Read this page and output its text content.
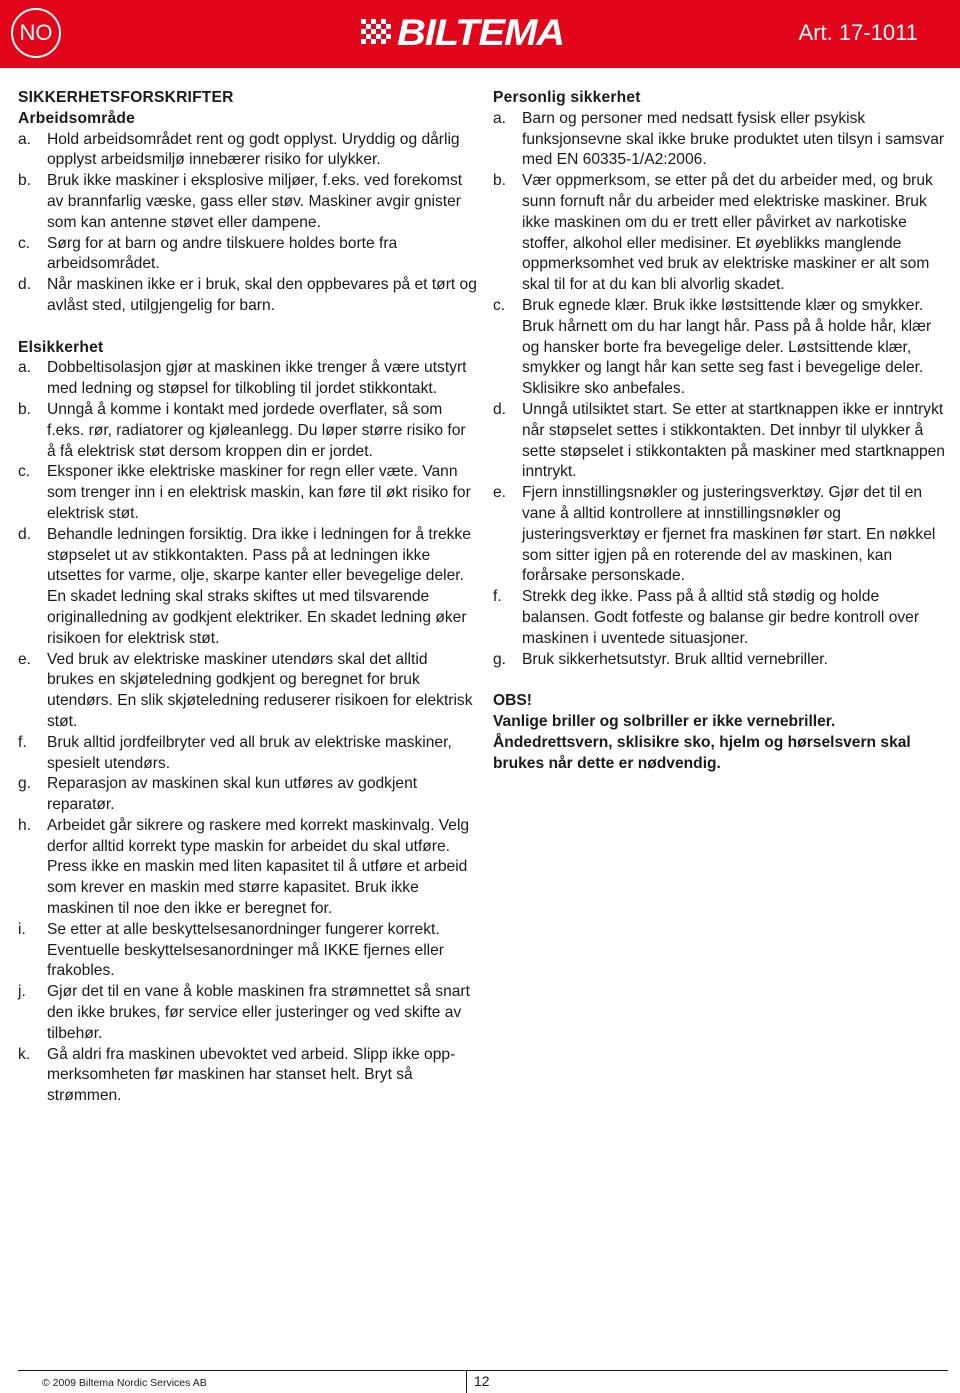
NO	BILTEMA	Art. 17-1011
SIKKERHETSFORSKRIFTER
Arbeidsområde
a.	Hold arbeidsområdet rent og godt opplyst. Uryddig og dårlig opplyst arbeidsmiljø innebærer risiko for ulykker.
b.	Bruk ikke maskiner i eksplosive miljøer, f.eks. ved forekomst av brannfarlig væske, gass eller støv. Maskiner avgir gnister som kan antenne støvet eller dampene.
c.	Sørg for at barn og andre tilskuere holdes borte fra arbeidsområdet.
d.	Når maskinen ikke er i bruk, skal den oppbevares på et tørt og avlåst sted, utilgjengelig for barn.
Elsikkerhet
a.	Dobbeltisolasjon gjør at maskinen ikke trenger å være utstyrt med ledning og støpsel for tilkobling til jordet stikkontakt.
b.	Unngå å komme i kontakt med jordede overflater, så som f.eks. rør, radiatorer og kjøleanlegg. Du løper større risiko for å få elektrisk støt dersom kroppen din er jordet.
c.	Eksponer ikke elektriske maskiner for regn eller væte. Vann som trenger inn i en elektrisk maskin, kan føre til økt risiko for elektrisk støt.
d.	Behandle ledningen forsiktig. Dra ikke i ledningen for å trekke støpselet ut av stikkontakten. Pass på at ledningen ikke utsettes for varme, olje, skarpe kanter eller bevegelige deler. En skadet ledning skal straks skiftes ut med tilsvarende originalledning av godkjent elektriker. En skadet ledning øker risikoen for elektrisk støt.
e.	Ved bruk av elektriske maskiner utendørs skal det alltid brukes en skjøteledning godkjent og beregnet for bruk utendørs. En slik skjøteledning reduserer risikoen for elektrisk støt.
f.	Bruk alltid jordfeilbryter ved all bruk av elektriske maskiner, spesielt utendørs.
g.	Reparasjon av maskinen skal kun utføres av godkjent reparatør.
h.	Arbeidet går sikrere og raskere med korrekt maskinvalg. Velg derfor alltid korrekt type maskin for arbeidet du skal utføre. Press ikke en maskin med liten kapasitet til å utføre et arbeid som krever en maskin med større kapasitet. Bruk ikke maskinen til noe den ikke er beregnet for.
i.	Se etter at alle beskyttelsesanordninger fungerer korrekt. Eventuelle beskyttelsesanordninger må IKKE fjernes eller frakobles.
j.	Gjør det til en vane å koble maskinen fra strømnettet så snart den ikke brukes, før service eller justeringer og ved skifte av tilbehør.
k.	Gå aldri fra maskinen ubevoktet ved arbeid. Slipp ikke oppmerksomheten før maskinen har stanset helt. Bryt så strømmen.
Personlig sikkerhet
a.	Barn og personer med nedsatt fysisk eller psykisk funksjonsevne skal ikke bruke produktet uten tilsyn i samsvar med EN 60335-1/A2:2006.
b.	Vær oppmerksom, se etter på det du arbeider med, og bruk sunn fornuft når du arbeider med elektriske maskiner. Bruk ikke maskinen om du er trett eller påvirket av narkotiske stoffer, alkohol eller medisiner. Et øyeblikks manglende oppmerksomhet ved bruk av elektriske maskiner er alt som skal til for at du kan bli alvorlig skadet.
c.	Bruk egnede klær. Bruk ikke løstsittende klær og smykker. Bruk hårnett om du har langt hår. Pass på å holde hår, klær og hansker borte fra bevegelige deler. Løstsittende klær, smykker og langt hår kan sette seg fast i bevegelige deler. Sklisikre sko anbefales.
d.	Unngå utilsiktet start. Se etter at startknappen ikke er inntrykt når støpselet settes i stikkontakten. Det innbyr til ulykker å sette støpselet i stikkontakten på maskiner med startknappen inntrykt.
e.	Fjern innstillingsnøkler og justeringsverktøy. Gjør det til en vane å alltid kontrollere at innstillingsnøkler og justeringsverktøy er fjernet fra maskinen før start. En nøkkel som sitter igjen på en roterende del av maskinen, kan forårsake personskade.
f.	Strekk deg ikke. Pass på å alltid stå stødig og holde balansen. Godt fotfeste og balanse gir bedre kontroll over maskinen i uventede situasjoner.
g.	Bruk sikkerhetsutstyr. Bruk alltid vernebriller.
OBS!
Vanlige briller og solbriller er ikke vernebriller.
Åndedrettsvern, sklisikre sko, hjelm og hørselsvern skal brukes når dette er nødvendig.
© 2009 Biltema Nordic Services AB	12
